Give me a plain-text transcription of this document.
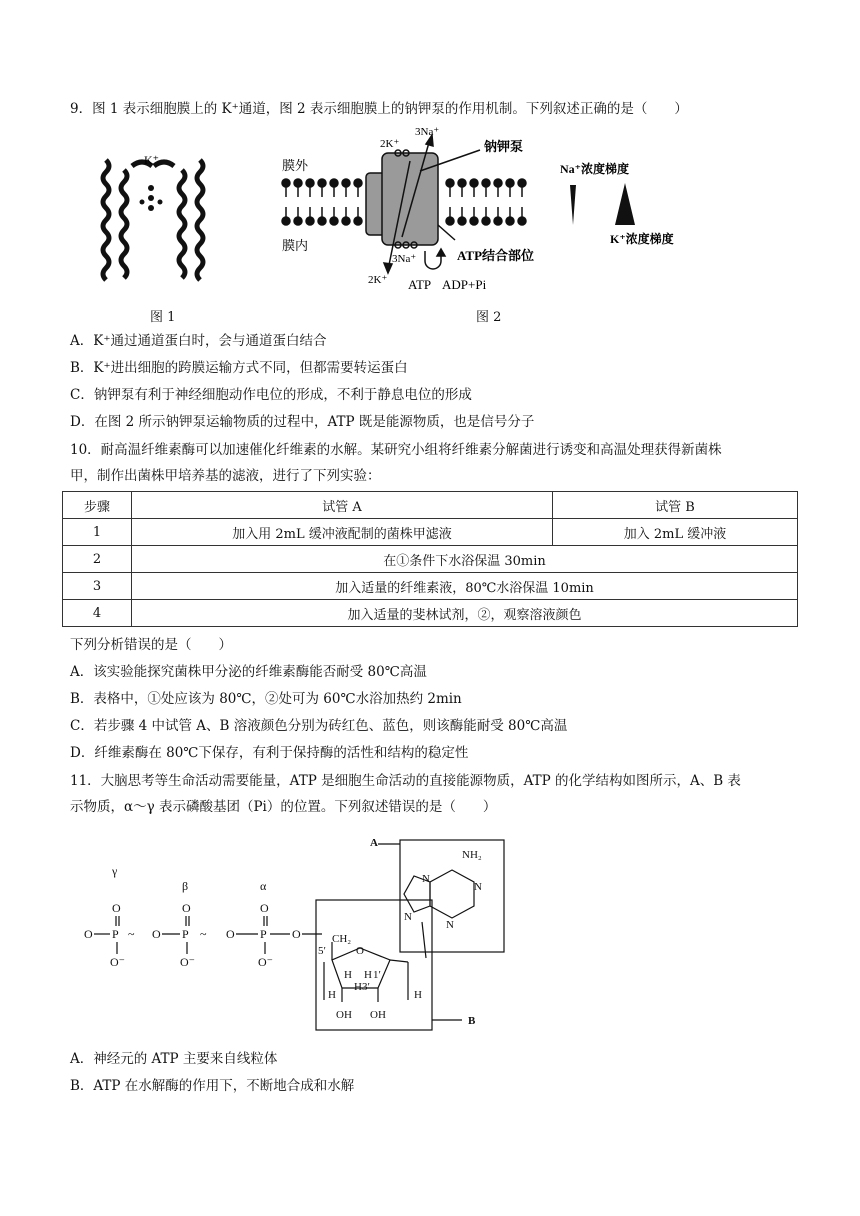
9．图 1 表示细胞膜上的 K⁺通道，图 2 表示细胞膜上的钠钾泵的作用机制。下列叙述正确的是（　　）
K⁺
图 1
膜外
膜内
2K⁺
3Na⁺
钠钾泵
3Na⁺	ATP结合部位
2K⁺ ATP ADP+Pi
Na⁺浓度梯度
K⁺浓度梯度
图 2
A．K⁺通过通道蛋白时，会与通道蛋白结合
B．K⁺进出细胞的跨膜运输方式不同，但都需要转运蛋白
C．钠钾泵有利于神经细胞动作电位的形成，不利于静息电位的形成
D．在图 2 所示钠钾泵运输物质的过程中，ATP 既是能源物质，也是信号分子
10．耐高温纤维素酶可以加速催化纤维素的水解。某研究小组将纤维素分解菌进行诱变和高温处理获得新菌株
甲，制作出菌株甲培养基的滤液，进行了下列实验：
步骤	试管 A	试管 B
1	加入用 2mL 缓冲液配制的菌株甲滤液	加入 2mL 缓冲液
2	在①条件下水浴保温 30min	
3	加入适量的纤维素液，80℃水浴保温 10min	
4	加入适量的斐林试剂，②，观察溶液颜色	
下列分析错误的是（　　）
A．该实验能探究菌株甲分泌的纤维素酶能否耐受 80℃高温
B．表格中，①处应该为 80℃，②处可为 60℃水浴加热约 2min
C．若步骤 4 中试管 A、B 溶液颜色分别为砖红色、蓝色，则该酶能耐受 80℃高温
D．纤维素酶在 80℃下保存，有利于保持酶的活性和结构的稳定性
11．大脑思考等生命活动需要能量，ATP 是细胞生命活动的直接能源物质，ATP 的化学结构如图所示，A、B 表
示物质，α～γ 表示磷酸基团（Pi）的位置。下列叙述错误的是（　　）
γ
β	α
O	O	O
O P ~ O P ~ O P O
O⁻	O⁻	O⁻
A
B
NH₂
N
N
N
N
CH₂
5′	O
H H 1′
H 3′
H	H
OH OH
A．神经元的 ATP 主要来自线粒体
B．ATP 在水解酶的作用下，不断地合成和水解
